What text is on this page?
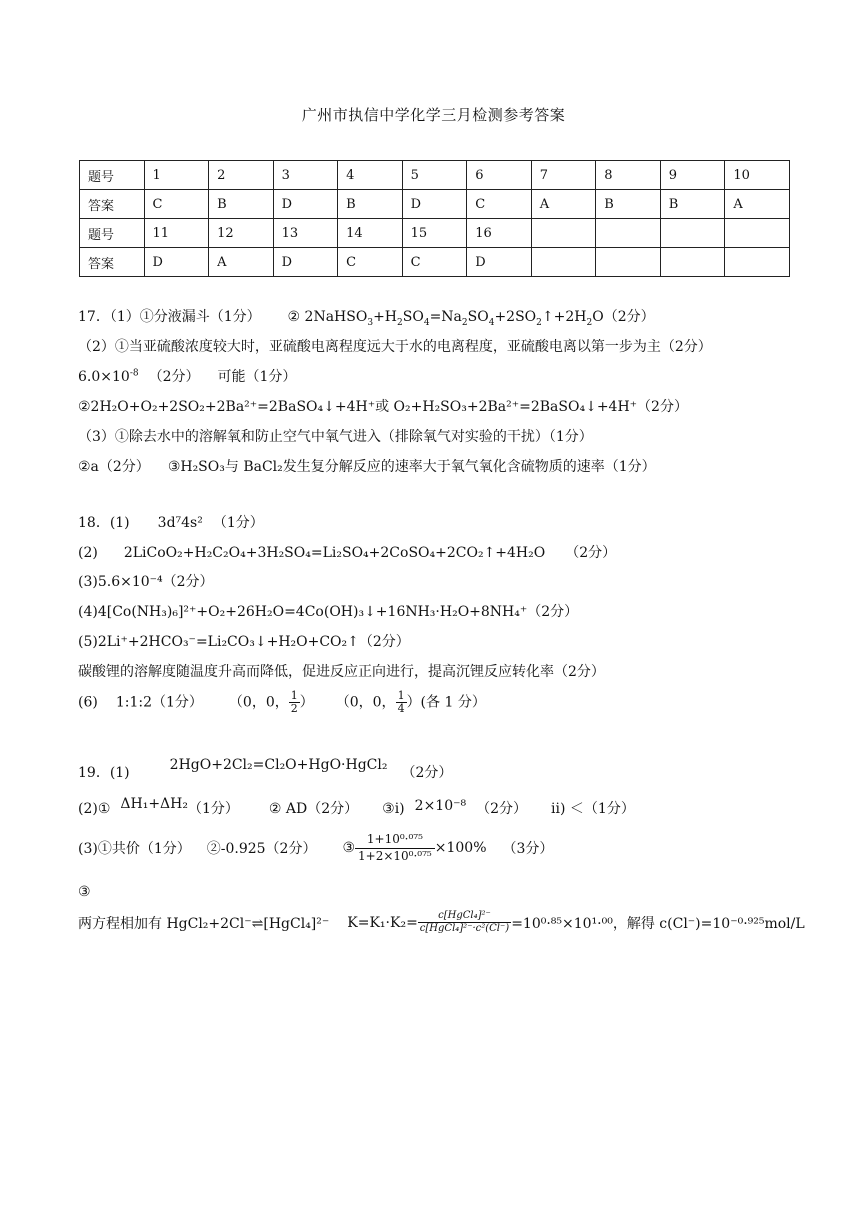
广州市执信中学化学三月检测参考答案
题号	1	2	3	4	5	6	7	8	9	10
答案	C	B	D	B	D	C	A	B	B	A
题号	11	12	13	14	15	16				
答案	D	A	D	C	C	D				
17．（1）①分液漏斗（1分） ② $2NaHSO_3+H_2SO_4=Na_2SO_4+2SO_2↑+2H_2O(2$分）
（2）①当亚硫酸浓度较大时，亚硫酸电离程度远大于水的电离程度，亚硫酸电离以第一步为主（2分）
$6.0\times 10^{-8}$ （2分） 可能（1分）
②2H₂O+O₂+2SO₂+2Ba²⁺=2BaSO₄↓+4H⁺或 O₂+H₂SO₃+2Ba²⁺=2BaSO₄↓+4H⁺（2分）
（3）①除去水中的溶解氧和防止空气中氧气进入（排除氧气对实验的干扰）（1分）
②a（2分） ③H₂SO₃与 BaCl₂发生复分解反应的速率大于氧气氧化含硫物质的速率（1分）
18．(1) 3d⁷4s² （1分）
(2) 2LiCoO₂+H₂C₂O₄+3H₂SO₄=Li₂SO₄+2CoSO₄+2CO₂↑+4H₂O （2分）
(3)5.6×10⁻⁴（2分）
(4)4[Co(NH₃)₆]²⁺+O₂+26H₂O=4Co(OH)₃↓+16NH₃·H₂O+8NH₄⁺（2分）
(5)2Li⁺+2HCO₃⁻=Li₂CO₃↓+H₂O+CO₂↑（2分）
碳酸锂的溶解度随温度升高而降低，促进反应正向进行，提高沉锂反应转化率（2分）
(6) 1:1:2（1分） （0，0， $\frac{1}{2}$ ） （0，0， $\frac{1}{4}$ ）(各 1 分）
19．(1)	2HgO+2Cl₂=Cl₂O+HgO·HgCl₂ （2分）
(2)① ΔH₁+ΔH₂（1分） ② AD（2分） ③i) 2×10⁻⁸ （2分） ii) ＜（1分）
(3)①共价（1分） ②-0.925（2分） ③ $\frac{\text{1+10⁰·⁰⁷⁵}}{\text{1+2×10⁰·⁰⁷⁵}} \times 100\%$ （3分）
③
两方程相加有 HgCl₂+2Cl⁻⇌[HgCl₄]²⁻ K=K₁·K₂=	c[HgCl₄]²⁻
c[HgCl₄]²⁻·c²(Cl⁻) =10⁰·⁸⁵×10¹·⁰⁰，解得 c(Cl⁻)=10⁻⁰·⁹²⁵mol/L
